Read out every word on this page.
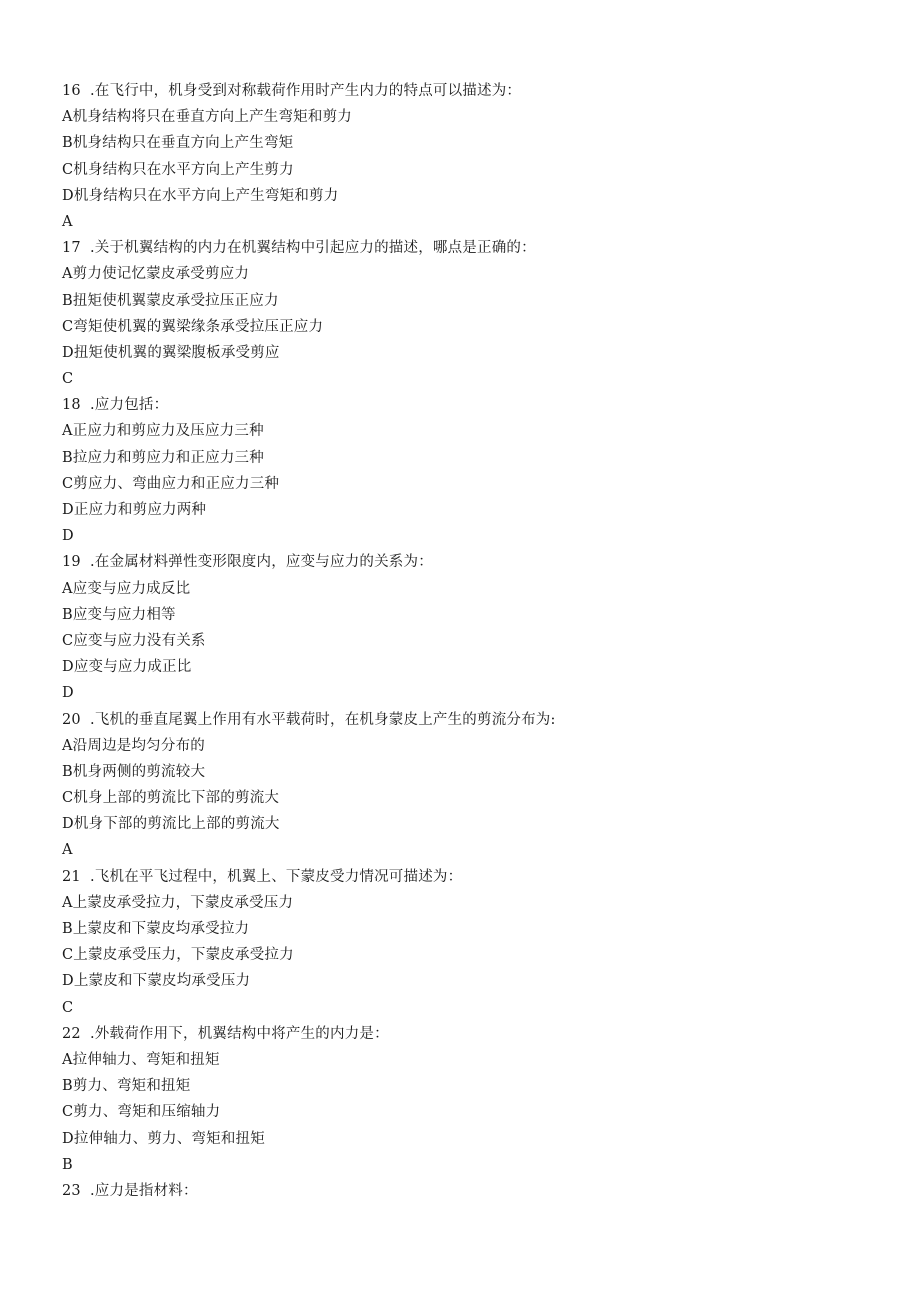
16 .在飞行中，机身受到对称载荷作用时产生内力的特点可以描述为：
A机身结构将只在垂直方向上产生弯矩和剪力
B机身结构只在垂直方向上产生弯矩
C机身结构只在水平方向上产生剪力
D机身结构只在水平方向上产生弯矩和剪力
A
17 .关于机翼结构的内力在机翼结构中引起应力的描述，哪点是正确的：
A剪力使记忆蒙皮承受剪应力
B扭矩使机翼蒙皮承受拉压正应力
C弯矩使机翼的翼梁缘条承受拉压正应力
D扭矩使机翼的翼梁腹板承受剪应
C
18 .应力包括：
A正应力和剪应力及压应力三种
B拉应力和剪应力和正应力三种
C剪应力、弯曲应力和正应力三种
D正应力和剪应力两种
D
19 .在金属材料弹性变形限度内，应变与应力的关系为：
A应变与应力成反比
B应变与应力相等
C应变与应力没有关系
D应变与应力成正比
D
20 .飞机的垂直尾翼上作用有水平载荷时，在机身蒙皮上产生的剪流分布为:
A沿周边是均匀分布的
B机身两侧的剪流较大
C机身上部的剪流比下部的剪流大
D机身下部的剪流比上部的剪流大
A
21 .飞机在平飞过程中，机翼上、下蒙皮受力情况可描述为：
A上蒙皮承受拉力，下蒙皮承受压力
B上蒙皮和下蒙皮均承受拉力
C上蒙皮承受压力，下蒙皮承受拉力
D上蒙皮和下蒙皮均承受压力
C
22 .外载荷作用下，机翼结构中将产生的内力是：
A拉伸轴力、弯矩和扭矩
B剪力、弯矩和扭矩
C剪力、弯矩和压缩轴力
D拉伸轴力、剪力、弯矩和扭矩
B
23 .应力是指材料：
